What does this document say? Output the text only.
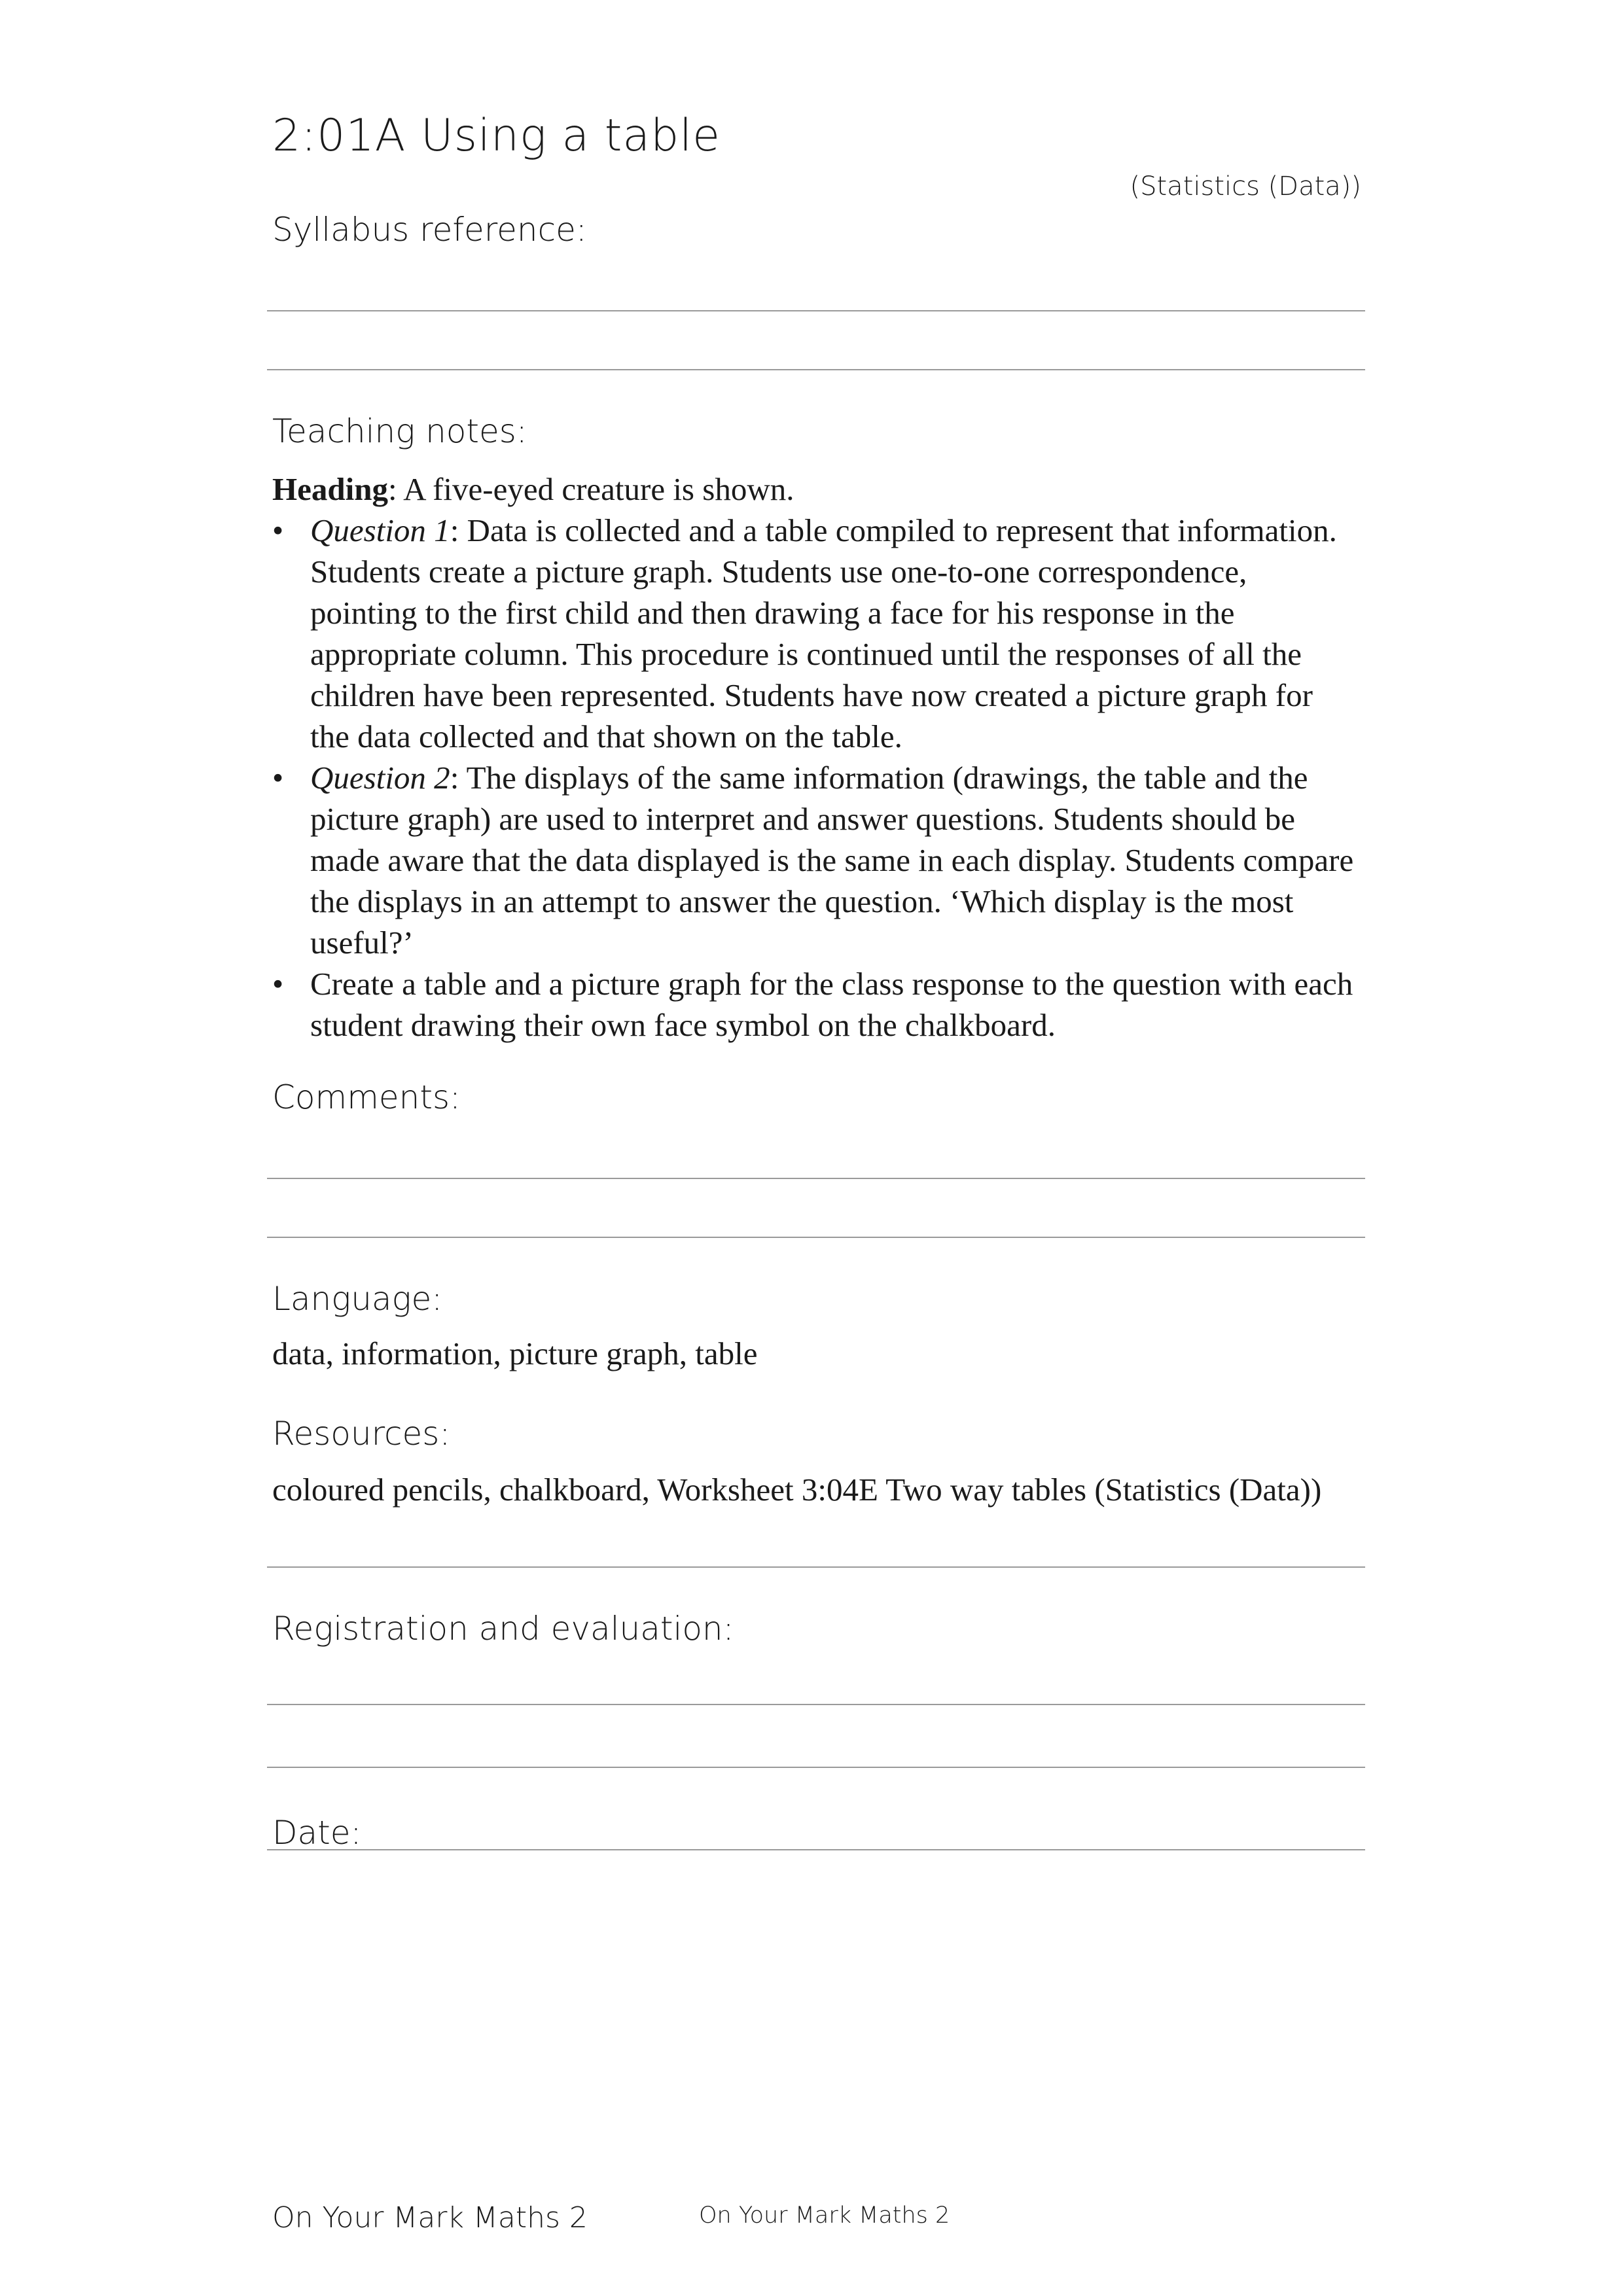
2:01A Using a table
(Statistics (Data))
Syllabus reference:
Teaching notes:

Heading: A five-eyed creature is shown.

• Question 1: Data is collected and a table compiled to represent that information. Students create a picture graph. Students use one-to-one correspondence, pointing to the first child and then drawing a face for his response in the appropriate column. This procedure is continued until the responses of all the children have been represented. Students have now created a picture graph for the data collected and that shown on the table.
• Question 2: The displays of the same information (drawings, the table and the picture graph) are used to interpret and answer questions. Students should be made aware that the data displayed is the same in each display. Students compare the displays in an attempt to answer the question. ‘Which display is the most useful?’
• Create a table and a picture graph for the class response to the question with each student drawing their own face symbol on the chalkboard.
Comments:
Language:
data, information, picture graph, table
Resources:
coloured pencils, chalkboard, Worksheet 3:04E Two way tables (Statistics (Data))
Registration and evaluation:
Date:
On Your Mark Maths 2	On Your Mark Maths 2
